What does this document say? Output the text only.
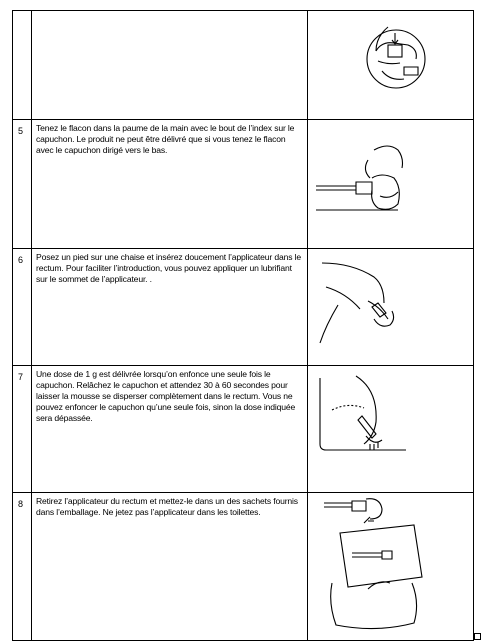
5	Tenez le flacon dans la paume de la main avec le bout de l’index sur le capuchon. Le produit ne peut être délivré que si vous tenez le flacon avec le capuchon dirigé vers le bas.

6	Posez un pied sur une chaise et insérez doucement l’applicateur dans le rectum. Pour faciliter l’introduction, vous pouvez appliquer un lubrifiant sur le sommet de l’applicateur. .

7	Une dose de 1 g est délivrée lorsqu’on enfonce une seule fois le capuchon. Relâchez le capuchon et attendez 30 à 60 secondes pour laisser la mousse se disperser complètement dans le rectum. Vous ne pouvez enfoncer le capuchon qu’une seule fois, sinon la dose indiquée sera dépassée.

8	Retirez l’applicateur du rectum et mettez-le dans un des sachets fournis dans l’emballage. Ne jetez pas l’applicateur dans les toilettes.
